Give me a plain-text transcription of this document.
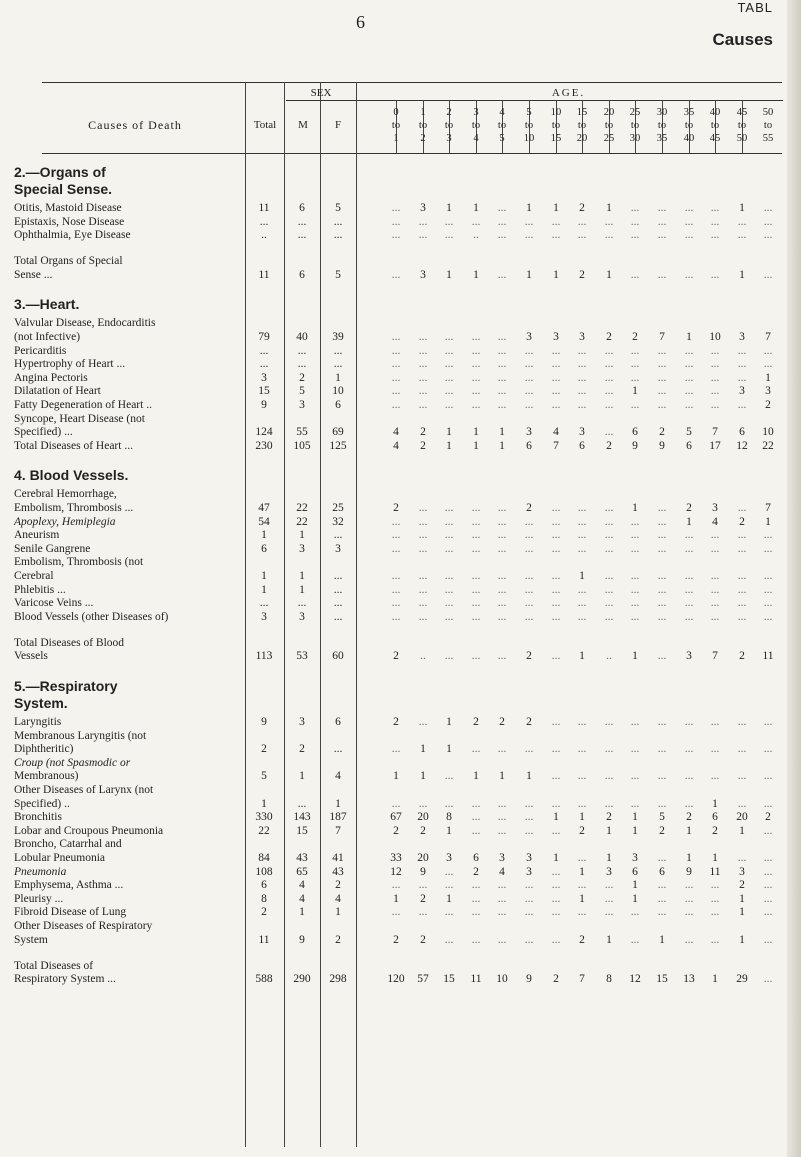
6
TABL
Causes
Causes of Death	Total
SEX
M	F
AGE.
0
to
1
1
to
2
2
to
3
3
to
4
4
to
5
5
to
10
10
to
15
15
to
20
20
to
25
25
to
30
30
to
35
35
to
40
40
to
45
45
to
50
50
to
55
2.—Organs of
Special Sense.
Otitis, Mastoid Disease	11	6	5	...	3	1	1	...	1	1	2	1	...	...	...	...	1	...
Epistaxis, Nose Disease	...	...	...	...	...	...	...	...	...	...	...	...	...	...	...	...	...	...
Ophthalmia, Eye Disease	..	...	...	...	...	...	..	...	...	...	...	...	...	...	...	...	...	...
Total Organs of Special
Sense ...	11	6	5	...	3	1	1	...	1	1	2	1	...	...	...	...	1	...
3.—Heart.
Valvular Disease, Endocarditis
(not Infective)	79	40	39	...	...	...	...	...	3	3	3	2	2	7	1	10	3	7
Pericarditis	...	...	...	...	...	...	...	...	...	...	...	...	...	...	...	...	...	...
Hypertrophy of Heart ...	...	...	...	...	...	...	...	...	...	...	...	...	...	...	...	...	...	...
Angina Pectoris	3	2	1	...	...	...	...	...	...	...	...	...	...	...	...	...	...	1
Dilatation of Heart	15	5	10	...	...	...	...	...	...	...	...	...	1	...	...	...	3	3
Fatty Degeneration of Heart ..	9	3	6	...	...	...	...	...	...	...	...	...	...	...	...	...	...	2
Syncope, Heart Disease (not
Specified) ...	124	55	69	4	2	1	1	1	3	4	3	...	6	2	5	7	6	10
Total Diseases of Heart ...	230	105	125	4	2	1	1	1	6	7	6	2	9	9	6	17	12	22
4. Blood Vessels.
Cerebral Hemorrhage,
Embolism, Thrombosis ...	47	22	25	2	...	...	...	...	2	...	...	...	1	...	2	3	...	7
Apoplexy, Hemiplegia	54	22	32	...	...	...	...	...	...	...	...	...	...	...	1	4	2	1
Aneurism	1	1	...	...	...	...	...	...	...	...	...	...	...	...	...	...	...	...
Senile Gangrene	6	3	3	...	...	...	...	...	...	...	...	...	...	...	...	...	...	...
Embolism, Thrombosis (not
Cerebral	1	1	...	...	...	...	...	...	...	...	1	...	...	...	...	...	...	...
Phlebitis ...	1	1	...	...	...	...	...	...	...	...	...	...	...	...	...	...	...	...
Varicose Veins ...	...	...	...	...	...	...	...	...	...	...	...	...	...	...	...	...	...	...
Blood Vessels (other Diseases of)	3	3	...	...	...	...	...	...	...	...	...	...	...	...	...	...	...	...
Total Diseases of Blood
Vessels	113	53	60	2	..	...	...	...	2	...	1	..	1	...	3	7	2	11
5.—Respiratory
System.
Laryngitis	9	3	6	2	...	1	2	2	2	...	...	...	...	...	...	...	...	...
Membranous Laryngitis (not
Diphtheritic)	2	2	...	...	1	1	...	...	...	...	...	...	...	...	...	...	...	...
Croup (not Spasmodic or
Membranous)	5	1	4	1	1	...	1	1	1	...	...	...	...	...	...	...	...	...
Other Diseases of Larynx (not
Specified) ..	1	...	1	...	...	...	...	...	...	...	...	...	...	...	...	1	...	...
Bronchitis	330	143	187	67	20	8	...	...	...	1	1	2	1	5	2	6	20	2
Lobar and Croupous Pneumonia	22	15	7	2	2	1	...	...	...	...	2	1	1	2	1	2	1	...
Broncho, Catarrhal and
Lobular Pneumonia	84	43	41	33	20	3	6	3	3	1	...	1	3	...	1	1	...	...
Pneumonia	108	65	43	12	9	...	2	4	3	...	1	3	6	6	9	11	3	...
Emphysema, Asthma ...	6	4	2	...	...	...	...	...	...	...	...	...	1	...	...	...	2	...
Pleurisy ...	8	4	4	1	2	1	...	...	...	...	1	...	1	...	...	...	1	...
Fibroid Disease of Lung	2	1	1	...	...	...	...	...	...	...	...	...	...	...	...	...	1	...
Other Diseases of Respiratory
System	11	9	2	2	2	...	...	...	...	...	2	1	...	1	...	...	1	...
Total Diseases of
Respiratory System ...	588	290	298	120	57	15	11	10	9	2	7	8	12	15	13	1	29	...
